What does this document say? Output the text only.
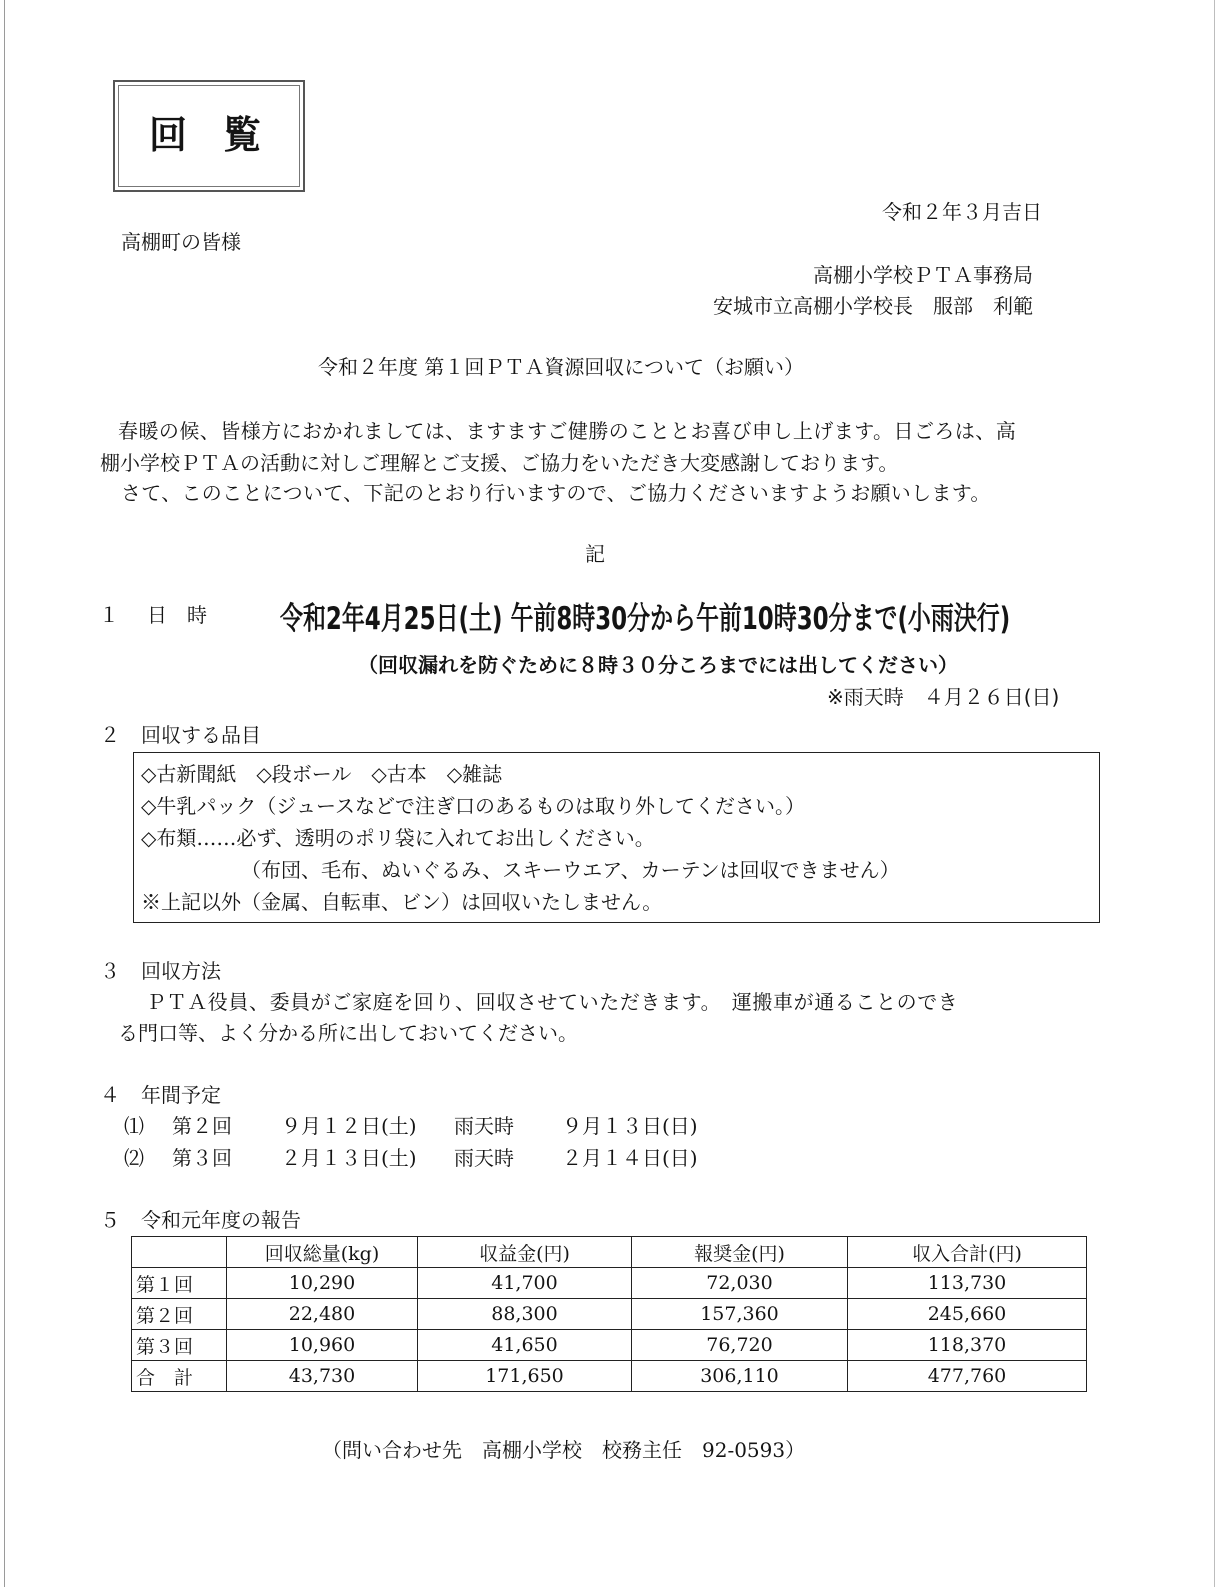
回覧
令和２年３月吉日
高棚町の皆様
高棚小学校ＰＴＡ事務局
安城市立高棚小学校長　服部　利範
令和２年度 第１回ＰＴＡ資源回収について（お願い）
春暖の候、皆様方におかれましては、ますますご健勝のこととお喜び申し上げます。日ごろは、高
棚小学校ＰＴＡの活動に対しご理解とご支援、ご協力をいただき大変感謝しております。
さて、このことについて、下記のとおり行いますので、ご協力くださいますようお願いします。
記
１ 日　時 令和2年4月25日(土) 午前8時30分から午前10時30分まで(小雨決行)
（回収漏れを防ぐために８時３０分ころまでには出してください）
※雨天時　４月２６日(日)
２ 回収する品目
◇古新聞紙　◇段ボール　◇古本　◇雑誌
◇牛乳パック（ジュースなどで注ぎ口のあるものは取り外してください。）
◇布類……必ず、透明のポリ袋に入れてお出しください。
（布団、毛布、ぬいぐるみ、スキーウエア、カーテンは回収できません）
※上記以外（金属、自転車、ビン）は回収いたしません。
３ 回収方法
ＰＴＡ役員、委員がご家庭を回り、回収させていただきます。　運搬車が通ることのでき
る門口等、よく分かる所に出しておいてください。
４ 年間予定
⑴ 第２回 ９月１２日(土) 雨天時 ９月１３日(日)
⑵ 第３回 ２月１３日(土) 雨天時 ２月１４日(日)
５ 令和元年度の報告
	回収総量(kg)	収益金(円)	報奨金(円)	収入合計(円)
第１回	10,290	41,700	72,030	113,730
第２回	22,480	88,300	157,360	245,660
第３回	10,960	41,650	76,720	118,370
合　計	43,730	171,650	306,110	477,760
（問い合わせ先　高棚小学校　校務主任　92-0593）
